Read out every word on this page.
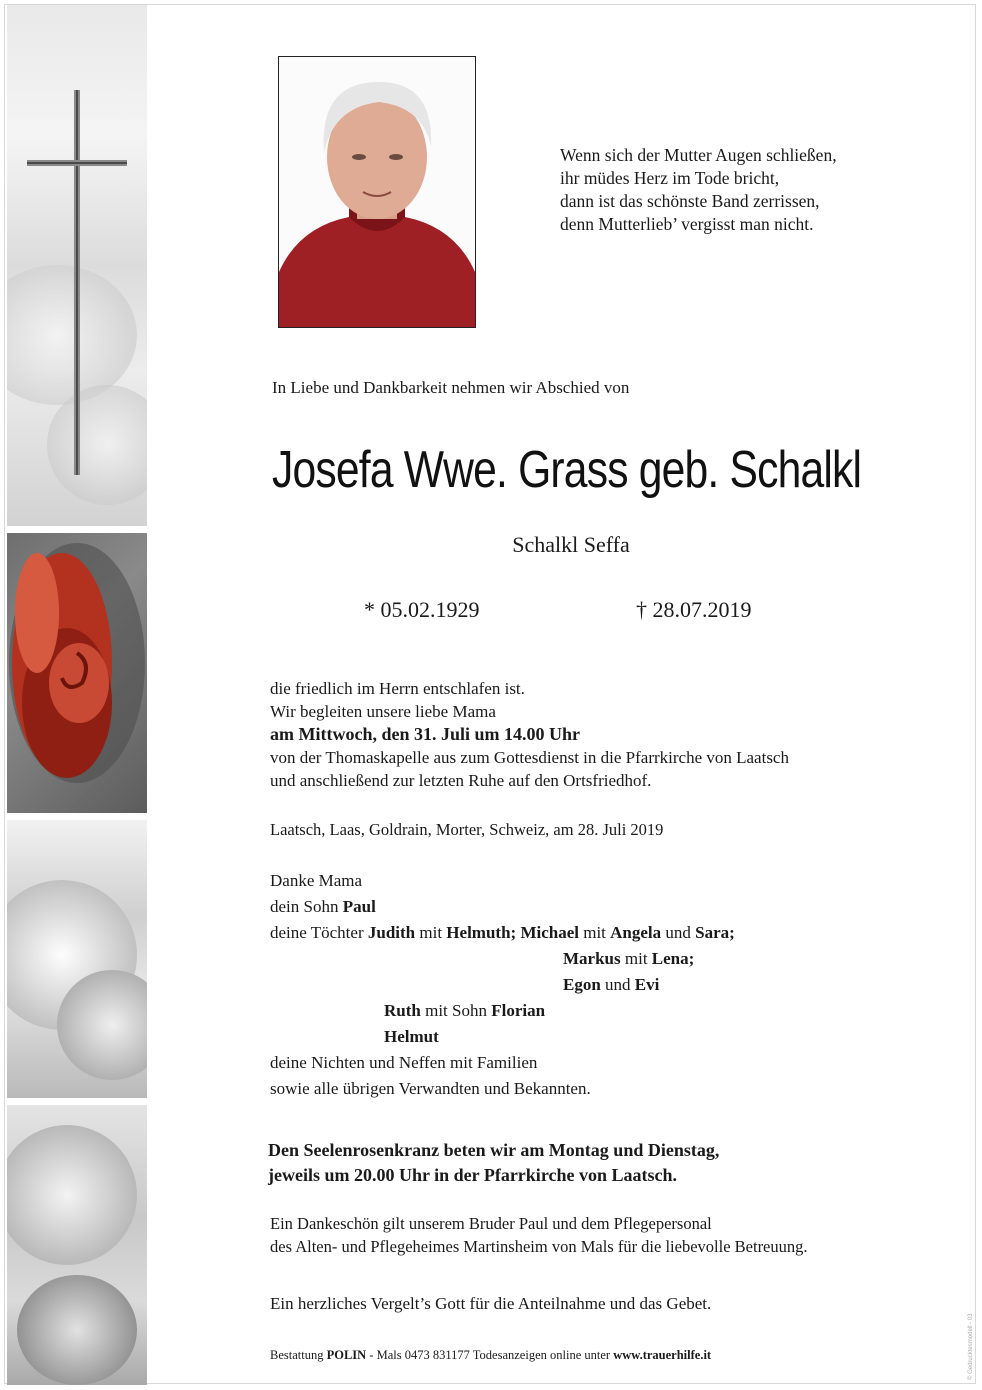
Wenn sich der Mutter Augen schließen,
ihr müdes Herz im Tode bricht,
dann ist das schönste Band zerrissen,
denn Mutterlieb’ vergisst man nicht.
In Liebe und Dankbarkeit nehmen wir Abschied von
Josefa Wwe. Grass geb. Schalkl
Schalkl Seffa
* 05.02.1929	† 28.07.2019
die friedlich im Herrn entschlafen ist.
Wir begleiten unsere liebe Mama
am Mittwoch, den 31. Juli um 14.00 Uhr
von der Thomaskapelle aus zum Gottesdienst in die Pfarrkirche von Laatsch
und anschließend zur letzten Ruhe auf den Ortsfriedhof.
Laatsch, Laas, Goldrain, Morter, Schweiz, am 28. Juli 2019
Danke Mama
dein Sohn Paul
deine Töchter Judith mit Helmuth; Michael mit Angela und Sara;
Markus mit Lena;
Egon und Evi
Ruth mit Sohn Florian
Helmut
deine Nichten und Neffen mit Familien
sowie alle übrigen Verwandten und Bekannten.
Den Seelenrosenkranz beten wir am Montag und Dienstag,
jeweils um 20.00 Uhr in der Pfarrkirche von Laatsch.
Ein Dankeschön gilt unserem Bruder Paul und dem Pflegepersonal
des Alten- und Pflegeheimes Martinsheim von Mals für die liebevolle Betreuung.
Ein herzliches Vergelt’s Gott für die Anteilnahme und das Gebet.
Bestattung POLIN - Mals 0473 831177 Todesanzeigen online unter www.trauerhilfe.it	© Gedrucktesmodell - 03
